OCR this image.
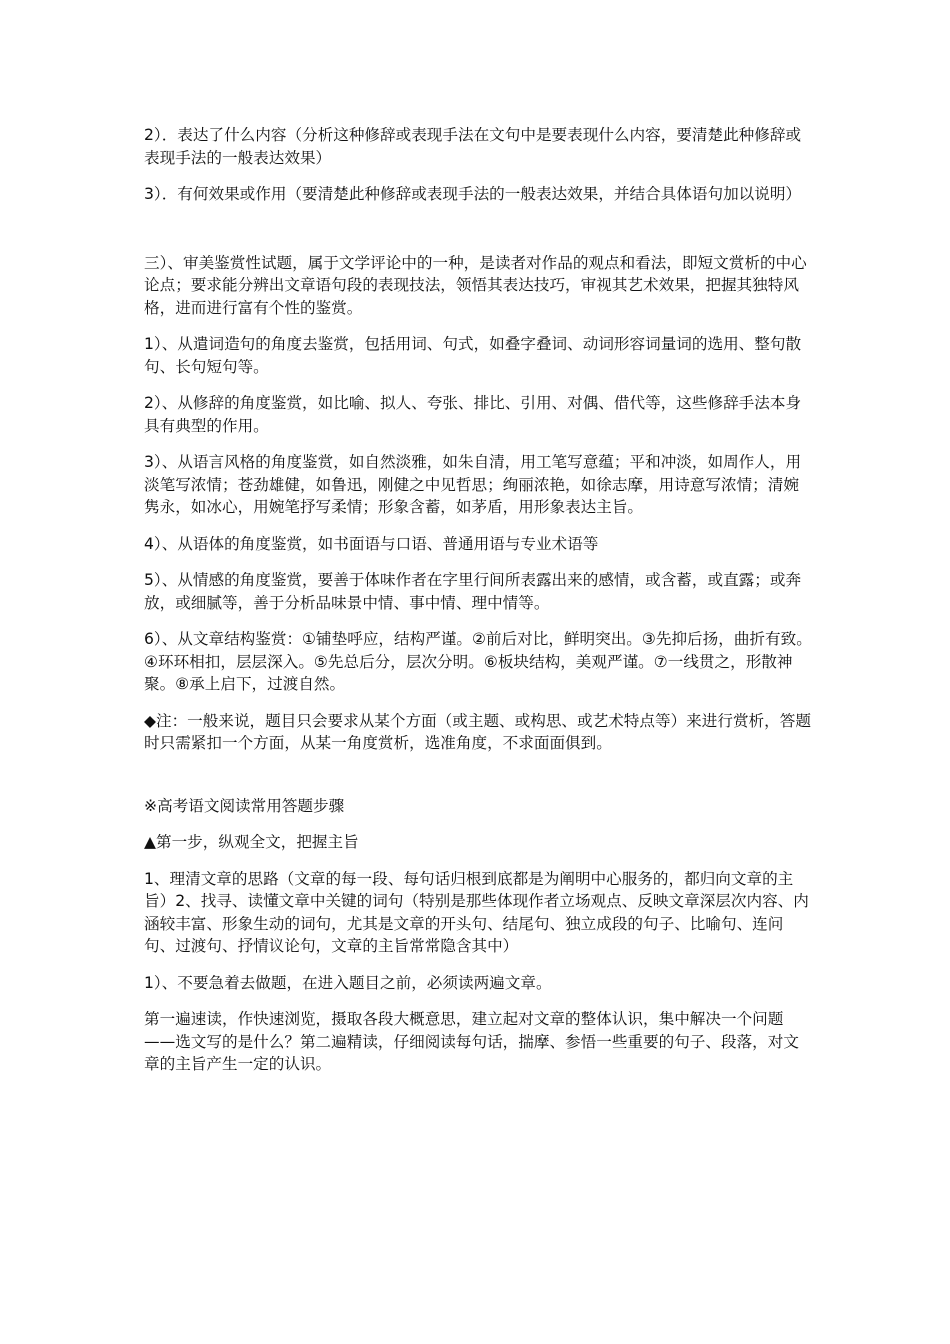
2）．表达了什么内容（分析这种修辞或表现手法在文句中是要表现什么内容，要清楚此种修辞或表现手法的一般表达效果）

3）．有何效果或作用（要清楚此种修辞或表现手法的一般表达效果，并结合具体语句加以说明）

三）、审美鉴赏性试题，属于文学评论中的一种，是读者对作品的观点和看法，即短文赏析的中心论点；要求能分辨出文章语句段的表现技法，领悟其表达技巧，审视其艺术效果，把握其独特风格，进而进行富有个性的鉴赏。

1）、从遣词造句的角度去鉴赏，包括用词、句式，如叠字叠词、动词形容词量词的选用、整句散句、长句短句等。

2）、从修辞的角度鉴赏，如比喻、拟人、夸张、排比、引用、对偶、借代等，这些修辞手法本身具有典型的作用。

3）、从语言风格的角度鉴赏，如自然淡雅，如朱自清，用工笔写意蕴；平和冲淡，如周作人，用淡笔写浓情；苍劲雄健，如鲁迅，刚健之中见哲思；绚丽浓艳，如徐志摩，用诗意写浓情；清婉隽永，如冰心，用婉笔抒写柔情；形象含蓄，如茅盾，用形象表达主旨。

4）、从语体的角度鉴赏，如书面语与口语、普通用语与专业术语等

5）、从情感的角度鉴赏，要善于体味作者在字里行间所表露出来的感情，或含蓄，或直露；或奔放，或细腻等，善于分析品味景中情、事中情、理中情等。

6）、从文章结构鉴赏：①铺垫呼应，结构严谨。②前后对比，鲜明突出。③先抑后扬，曲折有致。④环环相扣，层层深入。⑤先总后分，层次分明。⑥板块结构，美观严谨。⑦一线贯之，形散神聚。⑧承上启下，过渡自然。

◆注：一般来说，题目只会要求从某个方面（或主题、或构思、或艺术特点等）来进行赏析，答题时只需紧扣一个方面，从某一角度赏析，选准角度，不求面面俱到。

※高考语文阅读常用答题步骤

▲第一步，纵观全文，把握主旨

1、理清文章的思路（文章的每一段、每句话归根到底都是为阐明中心服务的，都归向文章的主旨）2、找寻、读懂文章中关键的词句（特别是那些体现作者立场观点、反映文章深层次内容、内涵较丰富、形象生动的词句，尤其是文章的开头句、结尾句、独立成段的句子、比喻句、连问句、过渡句、抒情议论句，文章的主旨常常隐含其中）

1）、不要急着去做题，在进入题目之前，必须读两遍文章。

第一遍速读，作快速浏览，摄取各段大概意思，建立起对文章的整体认识，集中解决一个问题——选文写的是什么？第二遍精读，仔细阅读每句话，揣摩、参悟一些重要的句子、段落，对文章的主旨产生一定的认识。
